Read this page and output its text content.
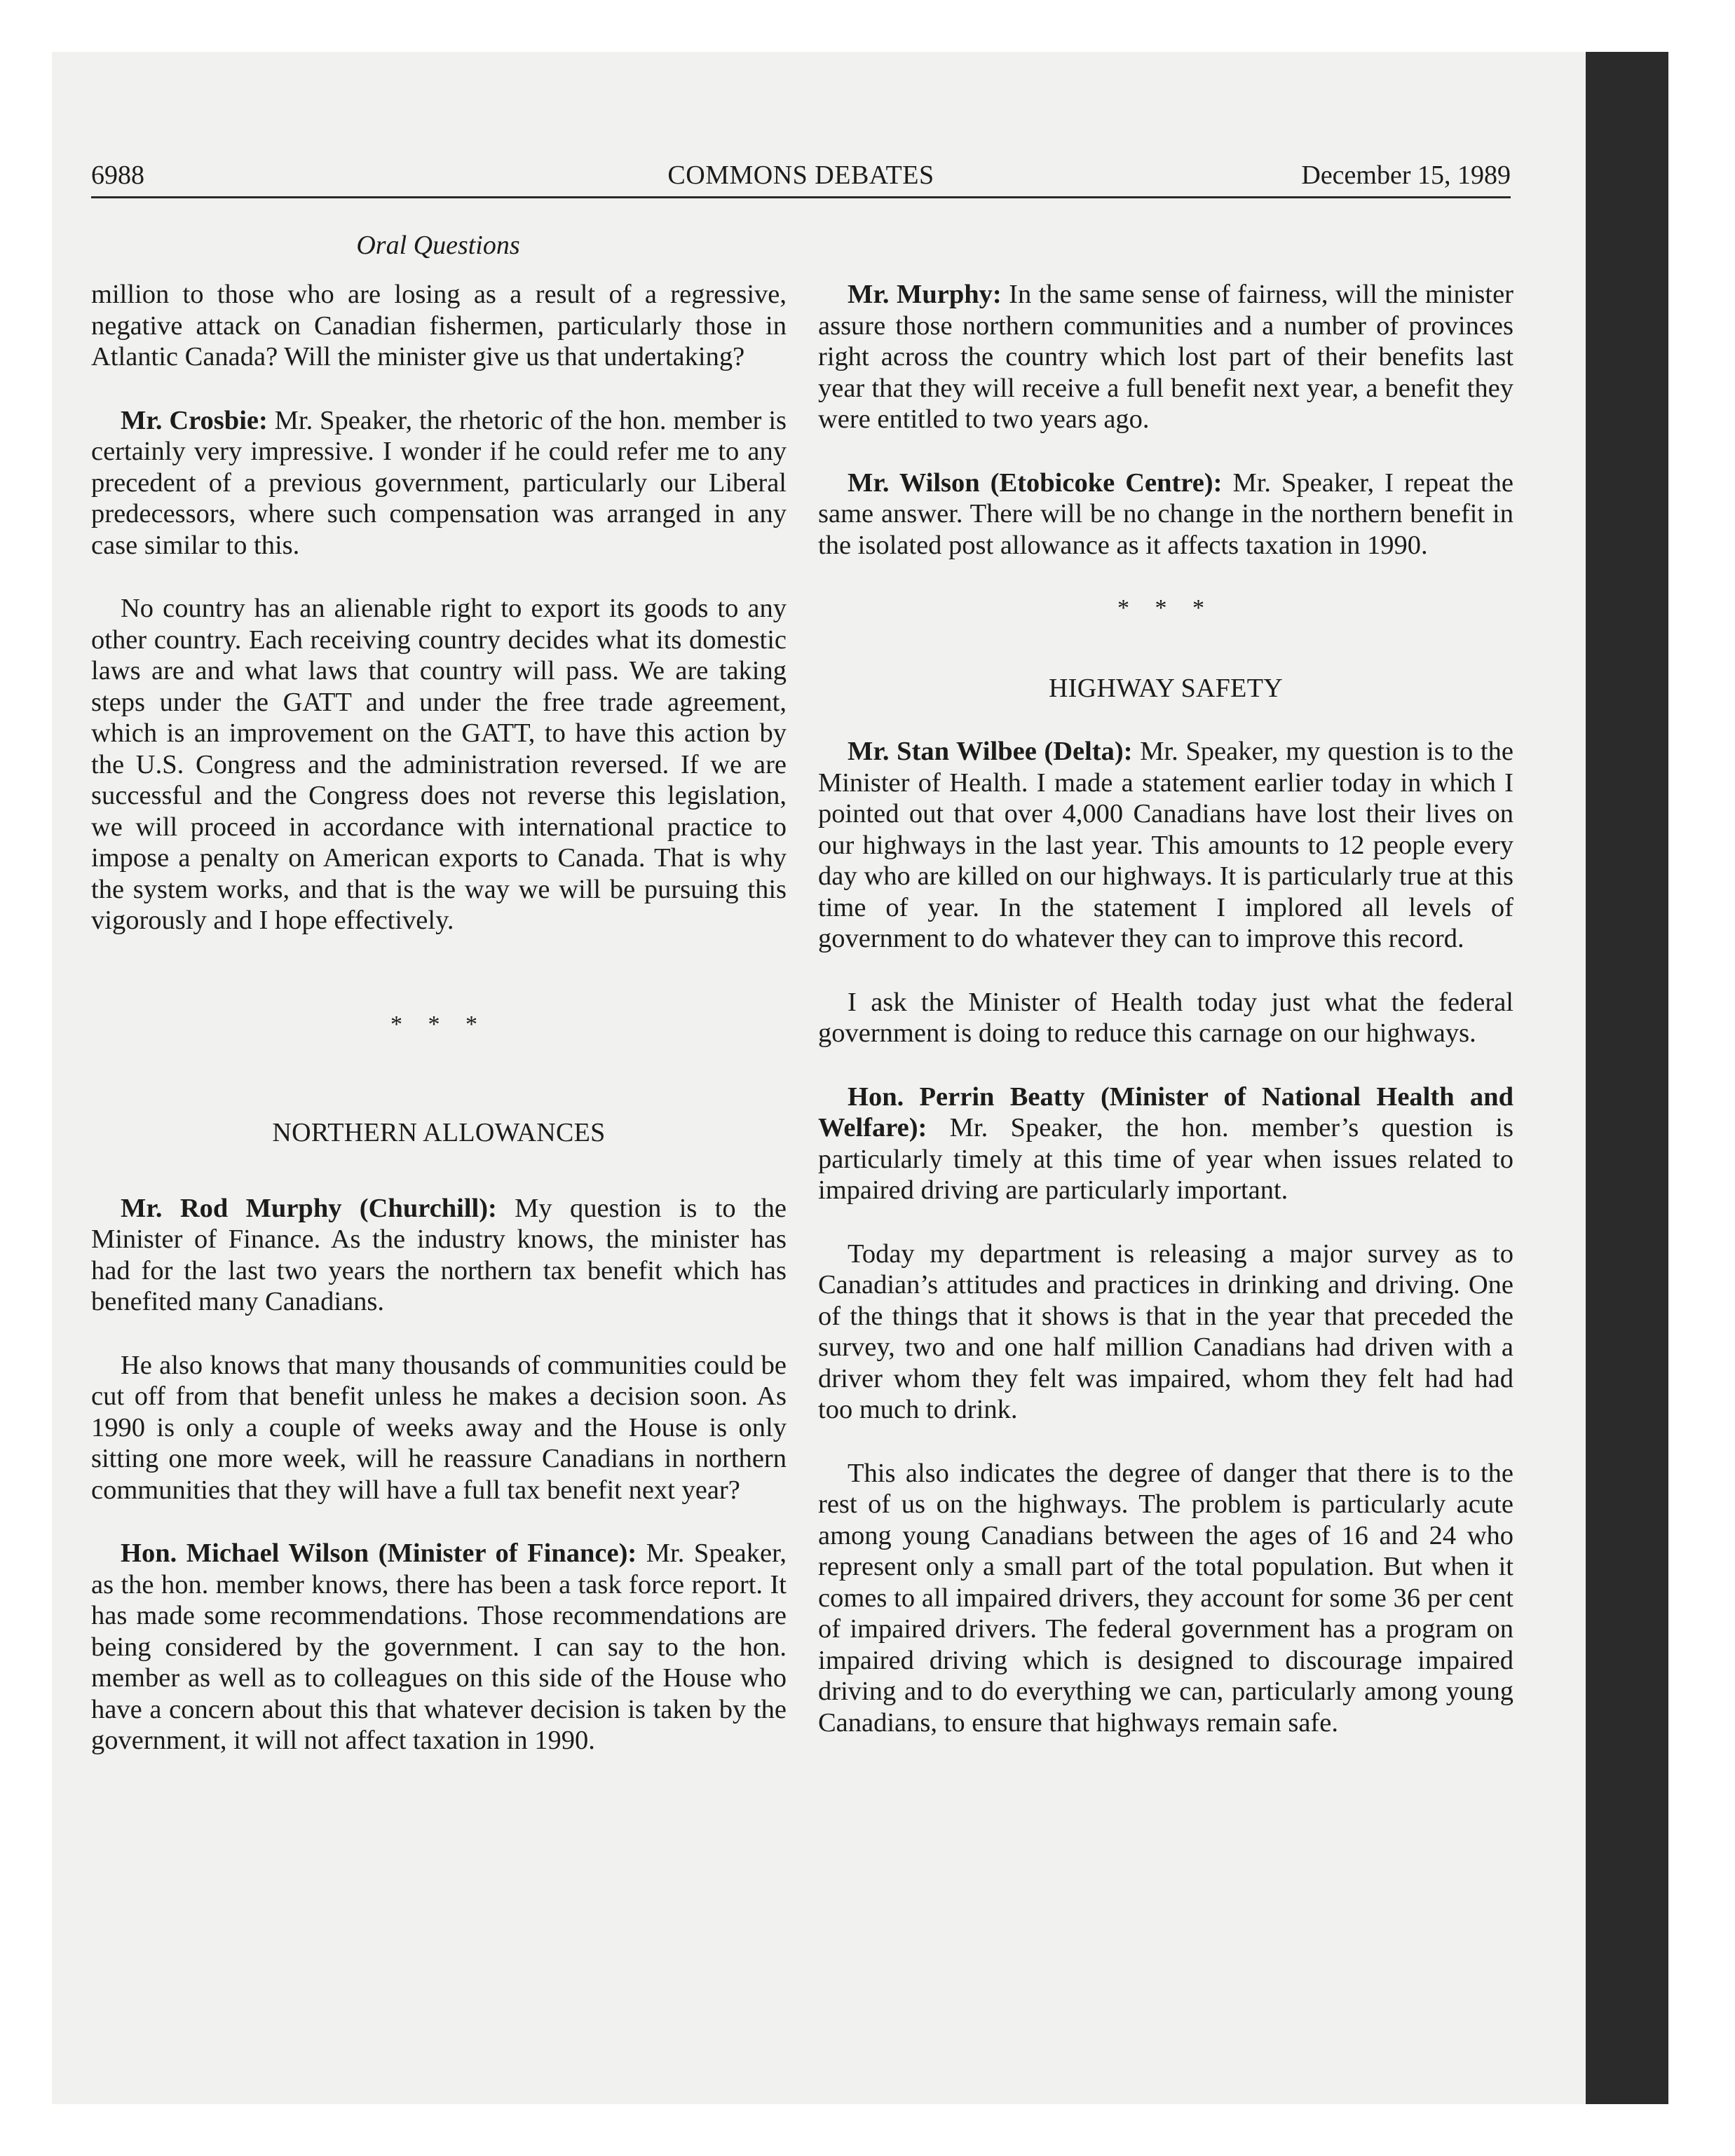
6988	COMMONS DEBATES	December 15, 1989
Oral Questions

million to those who are losing as a result of a regressive, negative attack on Canadian fishermen, particularly those in Atlantic Canada? Will the minister give us that undertaking?

Mr. Crosbie: Mr. Speaker, the rhetoric of the hon. member is certainly very impressive. I wonder if he could refer me to any precedent of a previous government, particularly our Liberal predecessors, where such compensation was arranged in any case similar to this.

No country has an alienable right to export its goods to any other country. Each receiving country decides what its domestic laws are and what laws that country will pass. We are taking steps under the GATT and under the free trade agreement, which is an improvement on the GATT, to have this action by the U.S. Congress and the administration reversed. If we are successful and the Congress does not reverse this legislation, we will proceed in accordance with international practice to impose a penalty on American exports to Canada. That is why the system works, and that is the way we will be pursuing this vigorously and I hope effectively.

* * *
NORTHERN ALLOWANCES

Mr. Rod Murphy (Churchill): My question is to the Minister of Finance. As the industry knows, the minister has had for the last two years the northern tax benefit which has benefited many Canadians.

He also knows that many thousands of communities could be cut off from that benefit unless he makes a decision soon. As 1990 is only a couple of weeks away and the House is only sitting one more week, will he reassure Canadians in northern communities that they will have a full tax benefit next year?

Hon. Michael Wilson (Minister of Finance): Mr. Speaker, as the hon. member knows, there has been a task force report. It has made some recommendations. Those recommendations are being considered by the government. I can say to the hon. member as well as to colleagues on this side of the House who have a concern about this that whatever decision is taken by the government, it will not affect taxation in 1990.

Mr. Murphy: In the same sense of fairness, will the minister assure those northern communities and a number of provinces right across the country which lost part of their benefits last year that they will receive a full benefit next year, a benefit they were entitled to two years ago.

Mr. Wilson (Etobicoke Centre): Mr. Speaker, I repeat the same answer. There will be no change in the northern benefit in the isolated post allowance as it affects taxation in 1990.

* * *
HIGHWAY SAFETY

Mr. Stan Wilbee (Delta): Mr. Speaker, my question is to the Minister of Health. I made a statement earlier today in which I pointed out that over 4,000 Canadians have lost their lives on our highways in the last year. This amounts to 12 people every day who are killed on our highways. It is particularly true at this time of year. In the statement I implored all levels of government to do whatever they can to improve this record.

I ask the Minister of Health today just what the federal government is doing to reduce this carnage on our highways.

Hon. Perrin Beatty (Minister of National Health and Welfare): Mr. Speaker, the hon. member’s question is particularly timely at this time of year when issues related to impaired driving are particularly important.

Today my department is releasing a major survey as to Canadian’s attitudes and practices in drinking and driving. One of the things that it shows is that in the year that preceded the survey, two and one half million Canadians had driven with a driver whom they felt was impaired, whom they felt had had too much to drink.

This also indicates the degree of danger that there is to the rest of us on the highways. The problem is particularly acute among young Canadians between the ages of 16 and 24 who represent only a small part of the total population. But when it comes to all impaired drivers, they account for some 36 per cent of impaired drivers. The federal government has a program on impaired driving which is designed to discourage impaired driving and to do everything we can, particularly among young Canadians, to ensure that highways remain safe.
